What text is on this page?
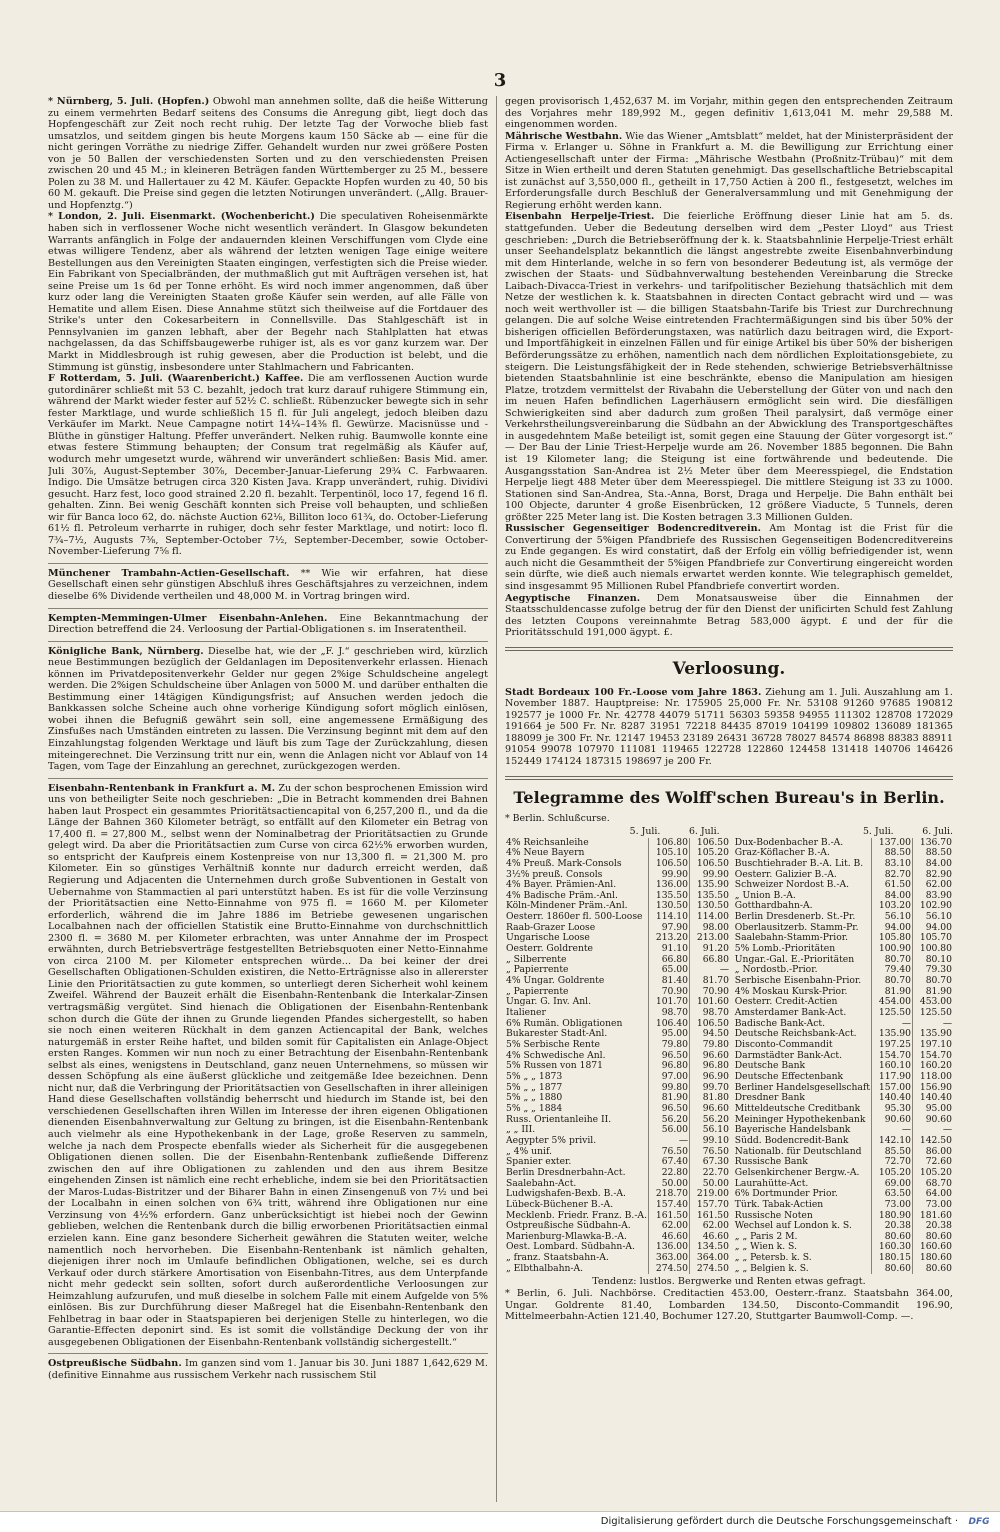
3

* Nürnberg, 5. Juli. (Hopfen.) Obwohl man annehmen sollte, daß die heiße Witterung zu einem vermehrten Bedarf seitens des Consums die Anregung gibt, liegt doch das Hopfengeschäft zur Zeit noch recht ruhig. Der letzte Tag der Vorwoche blieb fast umsatzlos, und seitdem gingen bis heute Morgens kaum 150 Säcke ab — eine für die nicht geringen Vorräthe zu niedrige Ziffer. Gehandelt wurden nur zwei größere Posten von je 50 Ballen der verschiedensten Sorten und zu den verschiedensten Preisen zwischen 20 und 45 M.; in kleineren Beträgen fanden Württemberger zu 25 M., bessere Polen zu 38 M. und Hallertauer zu 42 M. Käufer. Gepackte Hopfen wurden zu 40, 50 bis 60 M. gekauft. Die Preise sind gegen die letzten Notirungen unverändert. („Allg. Brauer- und Hopfenztg.“)

* London, 2. Juli. Eisenmarkt. (Wochenbericht.) Die speculativen Roheisenmärkte haben sich in verflossener Woche nicht wesentlich verändert. In Glasgow bekundeten Warrants anfänglich in Folge der andauernden kleinen Verschiffungen vom Clyde eine etwas willigere Tendenz, aber als während der letzten wenigen Tage einige weitere Bestellungen aus den Vereinigten Staaten eingingen, verfestigten sich die Preise wieder. Ein Fabrikant von Specialbränden, der muthmaßlich gut mit Aufträgen versehen ist, hat seine Preise um 1s 6d per Tonne erhöht. Es wird noch immer angenommen, daß über kurz oder lang die Vereinigten Staaten große Käufer sein werden, auf alle Fälle von Hematite und allem Eisen. Diese Annahme stützt sich theilweise auf die Fortdauer des Strike's unter den Cokesarbeitern in Connellsville. Das Stahlgeschäft ist in Pennsylvanien im ganzen lebhaft, aber der Begehr nach Stahlplatten hat etwas nachgelassen, da das Schiffsbaugewerbe ruhiger ist, als es vor ganz kurzem war. Der Markt in Middlesbrough ist ruhig gewesen, aber die Production ist belebt, und die Stimmung ist günstig, insbesondere unter Stahlmachern und Fabricanten.

F Rotterdam, 5. Juli. (Waarenbericht.) Kaffee. Die am verflossenen Auction wurde gutordinärer schließt mit 53 C. bezahlt, jedoch trat kurz darauf ruhigere Stimmung ein, während der Markt wieder fester auf 52½ C. schließt. Rübenzucker bewegte sich in sehr fester Marktlage, und wurde schließlich 15 fl. für Juli angelegt, jedoch bleiben dazu Verkäufer im Markt. Neue Campagne notirt 14¼–14⅜ fl. Gewürze. Macisnüsse und -Blüthe in günstiger Haltung. Pfeffer unverändert. Nelken ruhig. Baumwolle konnte eine etwas festere Stimmung behaupten; der Consum trat regelmäßig als Käufer auf, wodurch mehr umgesetzt wurde, während wir unverändert schließen: Basis Mid. amer. Juli 30⅞, August-September 30⅞, December-Januar-Lieferung 29¾ C. Farbwaaren. Indigo. Die Umsätze betrugen circa 320 Kisten Java. Krapp unverändert, ruhig. Dividivi gesucht. Harz fest, loco good strained 2.20 fl. bezahlt. Terpentinöl, loco 17, fegend 16 fl. gehalten. Zinn. Bei wenig Geschäft konnten sich Preise voll behaupten, und schließen wir für Banca loco 62, do. nächste Auction 62⅛, Billiton loco 61¾, do. October-Lieferung 61½ fl. Petroleum verharrte in ruhiger, doch sehr fester Marktlage, und notirt: loco fl. 7¾–7½, Augusts 7⅜, September-October 7½, September-December, sowie October-November-Lieferung 7⅝ fl.

Münchener Trambahn-Actien-Gesellschaft. ** Wie wir erfahren, hat diese Gesellschaft einen sehr günstigen Abschluß ihres Geschäftsjahres zu verzeichnen, indem dieselbe 6% Dividende vertheilen und 48,000 M. in Vortrag bringen wird.

Kempten-Memmingen-Ulmer Eisenbahn-Anlehen. Eine Bekanntmachung der Direction betreffend die 24. Verloosung der Partial-Obligationen s. im Inseratentheil.

Königliche Bank, Nürnberg. Dieselbe hat, wie der „F. J.“ geschrieben wird, kürzlich neue Bestimmungen bezüglich der Geldanlagen im Depositenverkehr erlassen. Hienach können im Privatdepositenverkehr Gelder nur gegen 2%ige Schuldscheine angelegt werden. Die 2%igen Schuldscheine über Anlagen von 5000 M. und darüber enthalten die Bestimmung einer 14tägigen Kündigungsfrist; auf Ansuchen werden jedoch die Bankkassen solche Scheine auch ohne vorherige Kündigung sofort möglich einlösen, wobei ihnen die Befugniß gewährt sein soll, eine angemessene Ermäßigung des Zinsfußes nach Umständen eintreten zu lassen. Die Verzinsung beginnt mit dem auf den Einzahlungstag folgenden Werktage und läuft bis zum Tage der Zurückzahlung, diesen miteingerechnet. Die Verzinsung tritt nur ein, wenn die Anlagen nicht vor Ablauf von 14 Tagen, vom Tage der Einzahlung an gerechnet, zurückgezogen werden.

Eisenbahn-Rentenbank in Frankfurt a. M. Zu der schon besprochenen Emission wird uns von betheiligter Seite noch geschrieben: „Die in Betracht kommenden drei Bahnen haben laut Prospect ein gesammtes Prioritätsactiencapital von 6,257,200 fl., und da die Länge der Bahnen 360 Kilometer beträgt, so entfällt auf den Kilometer ein Betrag von 17,400 fl. = 27,800 M., selbst wenn der Nominalbetrag der Prioritätsactien zu Grunde gelegt wird. Da aber die Prioritätsactien zum Curse von circa 62½% erworben wurden, so entspricht der Kaufpreis einem Kostenpreise von nur 13,300 fl. = 21,300 M. pro Kilometer. Ein so günstiges Verhältniß konnte nur dadurch erreicht werden, daß Regierung und Adjacenten die Unternehmen durch große Subventionen in Gestalt von Uebernahme von Stammactien al pari unterstützt haben. Es ist für die volle Verzinsung der Prioritätsactien eine Netto-Einnahme von 975 fl. = 1660 M. per Kilometer erforderlich, während die im Jahre 1886 im Betriebe gewesenen ungarischen Localbahnen nach der officiellen Statistik eine Brutto-Einnahme von durchschnittlich 2300 fl. = 3680 M. per Kilometer erbrachten, was unter Annahme der im Prospect erwähnten, durch Betriebsverträge festgestellten Betriebsquoten einer Netto-Einnahme von circa 2100 M. per Kilometer entsprechen würde... Da bei keiner der drei Gesellschaften Obligationen-Schulden existiren, die Netto-Erträgnisse also in allererster Linie den Prioritätsactien zu gute kommen, so unterliegt deren Sicherheit wohl keinem Zweifel. Während der Bauzeit erhält die Eisenbahn-Rentenbank die Interkalar-Zinsen vertragsmäßig vergütet. Sind hienach die Obligationen der Eisenbahn-Rentenbank schon durch die Güte der ihnen zu Grunde liegenden Pfandes sichergestellt, so haben sie noch einen weiteren Rückhalt in dem ganzen Actiencapital der Bank, welches naturgemäß in erster Reihe haftet, und bilden somit für Capitalisten ein Anlage-Object ersten Ranges. Kommen wir nun noch zu einer Betrachtung der Eisenbahn-Rentenbank selbst als eines, wenigstens in Deutschland, ganz neuen Unternehmens, so müssen wir dessen Schöpfung als eine äußerst glückliche und zeitgemäße Idee bezeichnen. Denn nicht nur, daß die Verbringung der Prioritätsactien von Gesellschaften in ihrer alleinigen Hand diese Gesellschaften vollständig beherrscht und hiedurch im Stande ist, bei den verschiedenen Gesellschaften ihren Willen im Interesse der ihren eigenen Obligationen dienenden Eisenbahnverwaltung zur Geltung zu bringen, ist die Eisenbahn-Rentenbank auch vielmehr als eine Hypothekenbank in der Lage, große Reserven zu sammeln, welche ja nach dem Prospecte ebenfalls wieder als Sicherheit für die ausgegebenen Obligationen dienen sollen. Die der Eisenbahn-Rentenbank zufließende Differenz zwischen den auf ihre Obligationen zu zahlenden und den aus ihrem Besitze eingehenden Zinsen ist nämlich eine recht erhebliche, indem sie bei den Prioritätsactien der Maros-Ludas-Bistritzer und der Biharer Bahn in einen Zinsengenuß von 7½ und bei der Localbahn in einen solchen von 6¾ tritt, während ihre Obligationen nur eine Verzinsung von 4½% erfordern. Ganz unberücksichtigt ist hiebei noch der Gewinn geblieben, welchen die Rentenbank durch die billig erworbenen Prioritätsactien einmal erzielen kann. Eine ganz besondere Sicherheit gewähren die Statuten weiter, welche namentlich noch hervorheben. Die Eisenbahn-Rentenbank ist nämlich gehalten, diejenigen ihrer noch im Umlaufe befindlichen Obligationen, welche, sei es durch Verkauf oder durch stärkere Amortisation von Eisenbahn-Titres, aus dem Unterpfande nicht mehr gedeckt sein sollten, sofort durch außerordentliche Verloosungen zur Heimzahlung aufzurufen, und muß dieselbe in solchem Falle mit einem Aufgelde von 5% einlösen. Bis zur Durchführung dieser Maßregel hat die Eisenbahn-Rentenbank den Fehlbetrag in baar oder in Staatspapieren bei derjenigen Stelle zu hinterlegen, wo die Garantie-Effecten deponirt sind. Es ist somit die vollständige Deckung der von ihr ausgegebenen Obligationen der Eisenbahn-Rentenbank vollständig sichergestellt.“

Ostpreußische Südbahn. Im ganzen sind vom 1. Januar bis 30. Juni 1887 1,642,629 M. (definitive Einnahme aus russischem Verkehr nach russischem Stil

gegen provisorisch 1,452,637 M. im Vorjahr, mithin gegen den entsprechenden Zeitraum des Vorjahres mehr 189,992 M., gegen definitiv 1,613,041 M. mehr 29,588 M. eingenommen worden.

Mährische Westbahn. Wie das Wiener „Amtsblatt“ meldet, hat der Ministerpräsident der Firma v. Erlanger u. Söhne in Frankfurt a. M. die Bewilligung zur Errichtung einer Actiengesellschaft unter der Firma: „Mährische Westbahn (Proßnitz-Trübau)“ mit dem Sitze in Wien ertheilt und deren Statuten genehmigt. Das gesellschaftliche Betriebscapital ist zunächst auf 3,550,000 fl., getheilt in 17,750 Actien à 200 fl., festgesetzt, welches im Erforderungsfalle durch Beschluß der Generalversammlung und mit Genehmigung der Regierung erhöht werden kann.

Eisenbahn Herpelje-Triest. Die feierliche Eröffnung dieser Linie hat am 5. ds. stattgefunden. Ueber die Bedeutung derselben wird dem „Pester Lloyd“ aus Triest geschrieben: „Durch die Betriebseröffnung der k. k. Staatsbahnlinie Herpelje-Triest erhält unser Seehandelsplatz bekanntlich die längst angestrebte zweite Eisenbahnverbindung mit dem Hinterlande, welche in so fern von besonderer Bedeutung ist, als vermöge der zwischen der Staats- und Südbahnverwaltung bestehenden Vereinbarung die Strecke Laibach-Divacca-Triest in verkehrs- und tarifpolitischer Beziehung thatsächlich mit dem Netze der westlichen k. k. Staatsbahnen in directen Contact gebracht wird und — was noch weit werthvoller ist — die billigen Staatsbahn-Tarife bis Triest zur Durchrechnung gelangen. Die auf solche Weise eintretenden Frachtermäßigungen sind bis über 50% der bisherigen officiellen Beförderungstaxen, was natürlich dazu beitragen wird, die Export- und Importfähigkeit in einzelnen Fällen und für einige Artikel bis über 50% der bisherigen Beförderungssätze zu erhöhen, namentlich nach dem nördlichen Exploitationsgebiete, zu steigern. Die Leistungsfähigkeit der in Rede stehenden, schwierige Betriebsverhältnisse bietenden Staatsbahnlinie ist eine beschränkte, ebenso die Manipulation am hiesigen Platze, trotzdem vermittelst der Rivabahn die Ueberstellung der Güter von und nach den im neuen Hafen befindlichen Lagerhäusern ermöglicht sein wird. Die diesfälligen Schwierigkeiten sind aber dadurch zum großen Theil paralysirt, daß vermöge einer Verkehrstheilungsvereinbarung die Südbahn an der Abwicklung des Transportgeschäftes in ausgedehntem Maße beteiligt ist, somit gegen eine Stauung der Güter vorgesorgt ist.“ — Der Bau der Linie Triest-Herpelje wurde am 26. November 1885 begonnen. Die Bahn ist 19 Kilometer lang; die Steigung ist eine fortwährende und bedeutende. Die Ausgangsstation San-Andrea ist 2½ Meter über dem Meeresspiegel, die Endstation Herpelje liegt 488 Meter über dem Meeresspiegel. Die mittlere Steigung ist 33 zu 1000. Stationen sind San-Andrea, Sta.-Anna, Borst, Draga und Herpelje. Die Bahn enthält bei 100 Objecte, darunter 4 große Eisenbrücken, 12 größere Viaducte, 5 Tunnels, deren größter 225 Meter lang ist. Die Kosten betragen 3.3 Millionen Gulden.

Russischer Gegenseitiger Bodencreditverein. Am Montag ist die Frist für die Convertirung der 5%igen Pfandbriefe des Russischen Gegenseitigen Bodencreditvereins zu Ende gegangen. Es wird constatirt, daß der Erfolg ein völlig befriedigender ist, wenn auch nicht die Gesammtheit der 5%igen Pfandbriefe zur Convertirung eingereicht worden sein dürfte, wie dieß auch niemals erwartet werden konnte. Wie telegraphisch gemeldet, sind insgesammt 95 Millionen Rubel Pfandbriefe convertirt worden.

Aegyptische Finanzen. Dem Monatsausweise über die Einnahmen der Staatsschuldencasse zufolge betrug der für den Dienst der unificirten Schuld fest Zahlung des letzten Coupons vereinnahmte Betrag 583,000 ägypt. £ und der für die Prioritätsschuld 191,000 ägypt. £.

Verloosung.

Stadt Bordeaux 100 Fr.-Loose vom Jahre 1863. Ziehung am 1. Juli. Auszahlung am 1. November 1887. Hauptpreise: Nr. 175905 25,000 Fr. Nr. 53108 91260 97685 190812 192577 je 1000 Fr. Nr. 42778 44079 51711 56303 59358 94955 111302 128708 172029 191664 je 500 Fr. Nr. 8287 31951 72218 84435 87019 104199 109802 136089 181365 188099 je 300 Fr. Nr. 12147 19453 23189 26431 36728 78027 84574 86898 88383 88911 91054 99078 107970 111081 119465 122728 122860 124458 131418 140706 146426 152449 174124 187315 198697 je 200 Fr.

Telegramme des Wolff'schen Bureau's in Berlin.
* Berlin. Schlußcurse.
5. Juli.	6. Juli.	5. Juli.	6. Juli.
4% Reichsanleihe	106.80	106.50
4% Neue Bayern	105.10	105.20
4% Preuß. Mark-Consols	106.50	106.50
3½% preuß. Consols	99.90	99.90
4% Bayer. Prämien-Anl.	136.00	135.90
4% Badische Präm.-Anl.	135.50	135.50
Köln-Mindener Präm.-Anl.	130.50	130.50
Oesterr. 1860er fl. 500-Loose	114.10	114.00
Raab-Grazer Loose	97.90	98.00
Ungarische Loose	213.20	213.00
Oesterr. Goldrente	91.10	91.20
„ Silberrente	66.80	66.80
„ Papierrente	65.00	—
4% Ungar. Goldrente	81.40	81.70
„ Papierrente	70.90	70.90
Ungar. G. Inv. Anl.	101.70	101.60
Italiener	98.70	98.70
6% Rumän. Obligationen	106.40	106.50
Bukarester Stadt-Anl.	95.00	94.50
5% Serbische Rente	79.80	79.80
4% Schwedische Anl.	96.50	96.60
5% Russen von 1871	96.80	96.80
5% „ „ 1873	97.00	96.90
5% „ „ 1877	99.80	99.70
5% „ „ 1880	81.90	81.80
5% „ „ 1884	96.50	96.60
Russ. Orientanleihe II.	56.20	56.20
„ „ III.	56.00	56.10
Aegypter 5% privil.	—	99.10
„ 4% unif.	76.50	76.50
Spanier exter.	67.40	67.30
Berlin Dresdnerbahn-Act.	22.80	22.70
Saalebahn-Act.	50.00	50.00
Ludwigshafen-Bexb. B.-A.	218.70	219.00
Lübeck-Büchener B.-A.	157.40	157.70
Mecklenb. Friedr. Franz. B.-A.	161.50	161.50
Ostpreußische Südbahn-A.	62.00	62.00
Marienburg-Mlawka-B.-A.	46.60	46.60
Oest. Lombard. Südbahn-A.	136.00	134.50
„ franz. Staatsbahn-A.	363.00	364.00
„ Elbthalbahn-A.	274.50	274.50
Dux-Bodenbacher B.-A.	137.00	136.70
Graz-Köflacher B.-A.	88.50	88.50
Buschtiehrader B.-A. Lit. B.	83.10	84.00
Oesterr. Galizier B.-A.	82.70	82.90
Schweizer Nordost B.-A.	61.50	62.00
„ Union B.-A.	84.00	83.90
Gotthardbahn-A.	103.20	102.90
Berlin Dresdenerb. St.-Pr.	56.10	56.10
Oberlausitzerb. Stamm-Pr.	94.00	94.00
Saalebahn-Stamm-Prior.	105.80	105.70
5% Lomb.-Prioritäten	100.90	100.80
Ungar.-Gal. E.-Prioritäten	80.70	80.10
„ Nordostb.-Prior.	79.40	79.30
Serbische Eisenbahn-Prior.	80.70	80.70
4% Moskau Kursk-Prior.	81.90	81.90
Oesterr. Credit-Actien	454.00	453.00
Amsterdamer Bank-Act.	125.50	125.50
Badische Bank-Act.	—	—
Deutsche Reichsbank-Act.	135.90	135.90
Disconto-Commandit	197.25	197.10
Darmstädter Bank-Act.	154.70	154.70
Deutsche Bank	160.10	160.20
Deutsche Effectenbank	117.90	118.00
Berliner Handelsgesellschaft	157.00	156.90
Dresdner Bank	140.40	140.40
Mitteldeutsche Creditbank	95.30	95.00
Meininger Hypothekenbank	90.60	90.60
Bayerische Handelsbank	—	—
Südd. Bodencredit-Bank	142.10	142.50
Nationalb. für Deutschland	85.50	86.00
Russische Bank	72.70	72.60
Gelsenkirchener Bergw.-A.	105.20	105.20
Laurahütte-Act.	69.00	68.70
6% Dortmunder Prior.	63.50	64.00
Türk. Tabak-Actien	73.00	73.00
Russische Noten	180.90	181.60
Wechsel auf London k. S.	20.38	20.38
„ „ Paris 2 M.	80.60	80.60
„ „ Wien k. S.	160.30	160.60
„ „ Petersb. k. S.	180.15	180.60
„ „ Belgien k. S.	80.60	80.60

Tendenz: lustlos. Bergwerke und Renten etwas gefragt.

* Berlin, 6. Juli. Nachbörse. Creditactien 453.00, Oesterr.-franz. Staatsbahn 364.00, Ungar. Goldrente 81.40, Lombarden 134.50, Disconto-Commandit 196.90, Mittelmeerbahn-Actien 121.40, Bochumer 127.20, Stuttgarter Baumwoll-Comp. —.

Digitalisierung gefördert durch die Deutsche Forschungsgemeinschaft ·	DFG
